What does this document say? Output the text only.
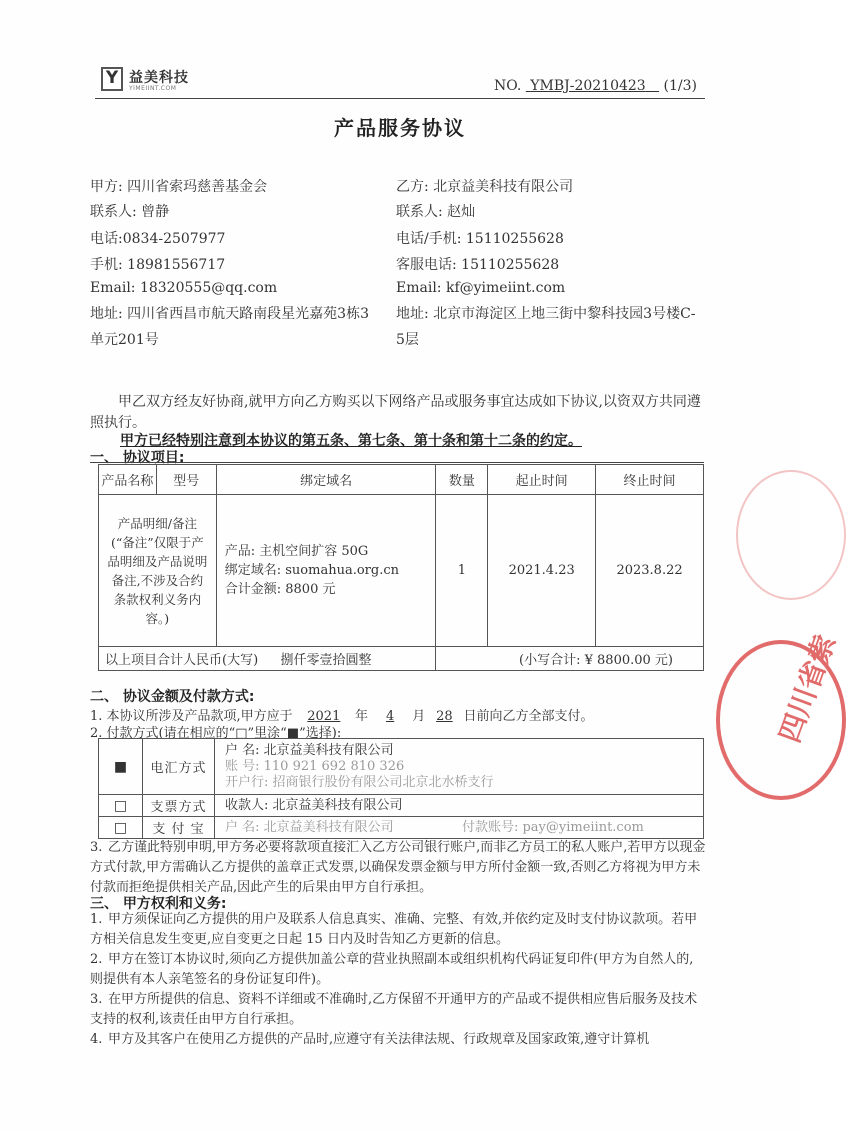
Y 益美科技
YIMEIINT.COM	NO. YMBJ-20210423 (1/3)
产品服务协议
甲方: 四川省索玛慈善基金会
联系人: 曾静
电话:0834-2507977
手机: 18981556717
Email: 18320555@qq.com
地址: 四川省西昌市航天路南段星光嘉苑3栋3单元201号
乙方: 北京益美科技有限公司
联系人: 赵灿
电话/手机: 15110255628
客服电话: 15110255628
Email: kf@yimeiint.com
地址: 北京市海淀区上地三街中黎科技园3号楼C-5层
甲乙双方经友好协商,就甲方向乙方购买以下网络产品或服务事宜达成如下协议,以资双方共同遵照执行。
甲方已经特别注意到本协议的第五条、第七条、第十条和第十二条的约定。
一、 协议项目:
产品名称	型号	绑定域名	数量	起止时间	终止时间
产品明细/备注(“备注”仅限于产品明细及产品说明备注,不涉及合约条款权利义务内容。)		产品: 主机空间扩容 50G
绑定域名: suomahua.org.cn
合计金额: 8800 元	1	2021.4.23	2023.8.22
以上项目合计人民币(大写) 捌仟零壹拾圓整			(小写合计: ¥ 8800.00 元)		
二、 协议金额及付款方式:
1. 本协议所涉及产品款项,甲方应于 2021 年 4 月 28 日前向乙方全部支付。
2. 付款方式(请在相应的“□”里涂“■”选择):
■	电汇方式	户 名: 北京益美科技有限公司
账 号: 110 921 692 810 326
开户行: 招商银行股份有限公司北京北水桥支行

□	支票方式	收款人: 北京益美科技有限公司
□	支 付 宝	户 名: 北京益美科技有限公司 付款账号: pay@yimeiint.com
3. 乙方谨此特别申明,甲方务必要将款项直接汇入乙方公司银行账户,而非乙方员工的私人账户,若甲方以现金方式付款,甲方需确认乙方提供的盖章正式发票,以确保发票金额与甲方所付金额一致,否则乙方将视为甲方未付款而拒绝提供相关产品,因此产生的后果由甲方自行承担。
三、 甲方权利和义务:
1. 甲方须保证向乙方提供的用户及联系人信息真实、准确、完整、有效,并依约定及时支付协议款项。若甲方相关信息发生变更,应自变更之日起 15 日内及时告知乙方更新的信息。
2. 甲方在签订本协议时,须向乙方提供加盖公章的营业执照副本或组织机构代码证复印件(甲方为自然人的,则提供有本人亲笔签名的身份证复印件)。
3. 在甲方所提供的信息、资料不详细或不准确时,乙方保留不开通甲方的产品或不提供相应售后服务及技术支持的权利,该责任由甲方自行承担。
4. 甲方及其客户在使用乙方提供的产品时,应遵守有关法律法规、行政规章及国家政策,遵守计算机
四川省索
